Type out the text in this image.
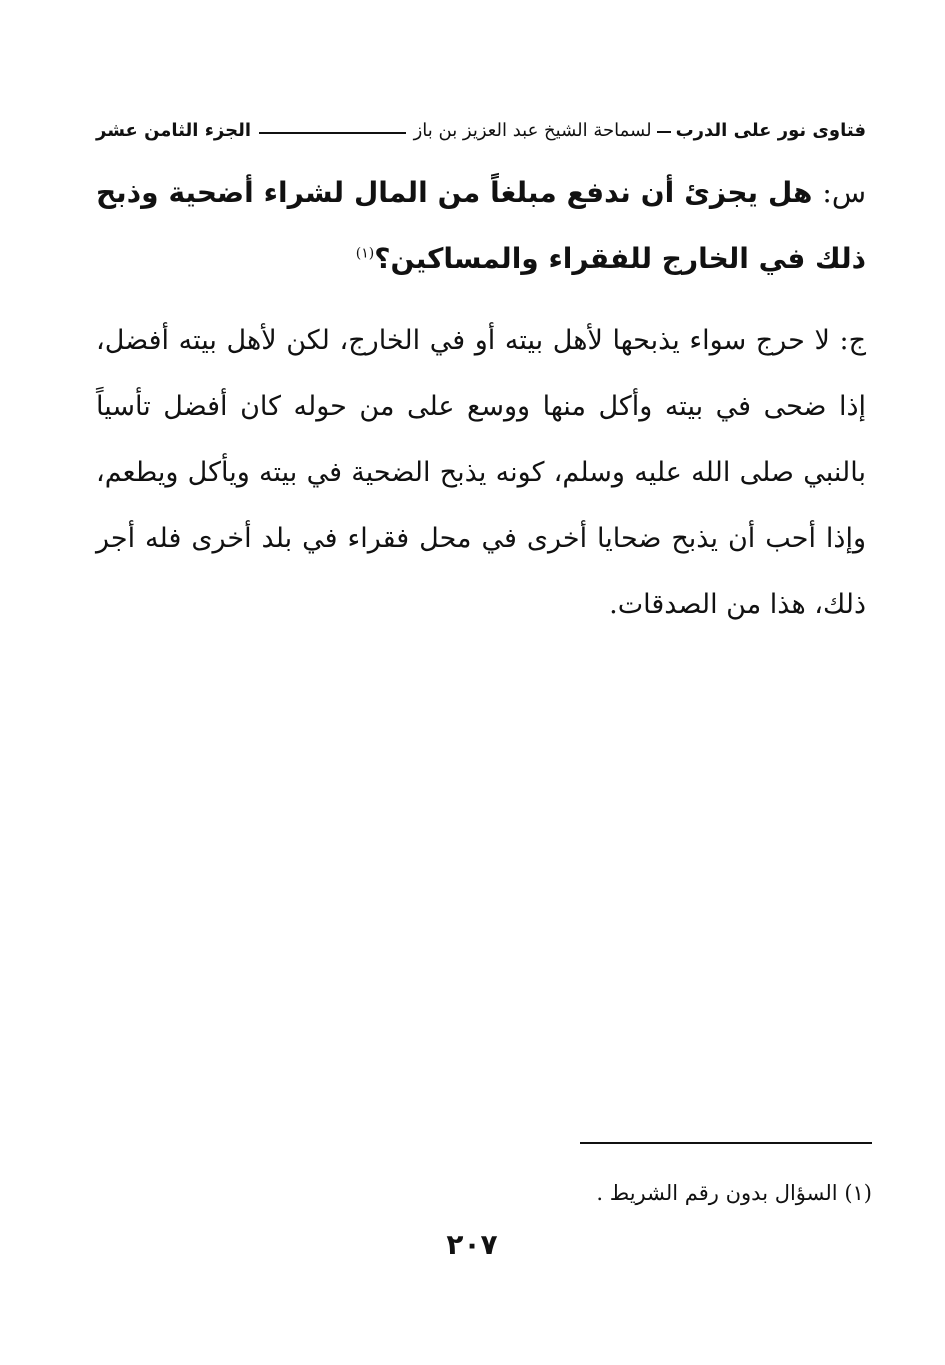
فتاوى نور على الدرب
لسماحة الشيخ عبد العزيز بن باز
الجزء الثامن عشر
س: هل يجزئ أن ندفع مبلغاً من المال لشراء أضحية وذبح ذلك في الخارج للفقراء والمساكين؟$^{(١)}$
ج: لا حرج سواء يذبحها لأهل بيته أو في الخارج، لكن لأهل بيته أفضل، إذا ضحى في بيته وأكل منها ووسع على من حوله كان أفضل تأسياً بالنبي صلى الله عليه وسلم، كونه يذبح الضحية في بيته ويأكل ويطعم، وإذا أحب أن يذبح ضحايا أخرى في محل فقراء في بلد أخرى فله أجر ذلك، هذا من الصدقات.
(١) السؤال بدون رقم الشريط .
٢٠٧
